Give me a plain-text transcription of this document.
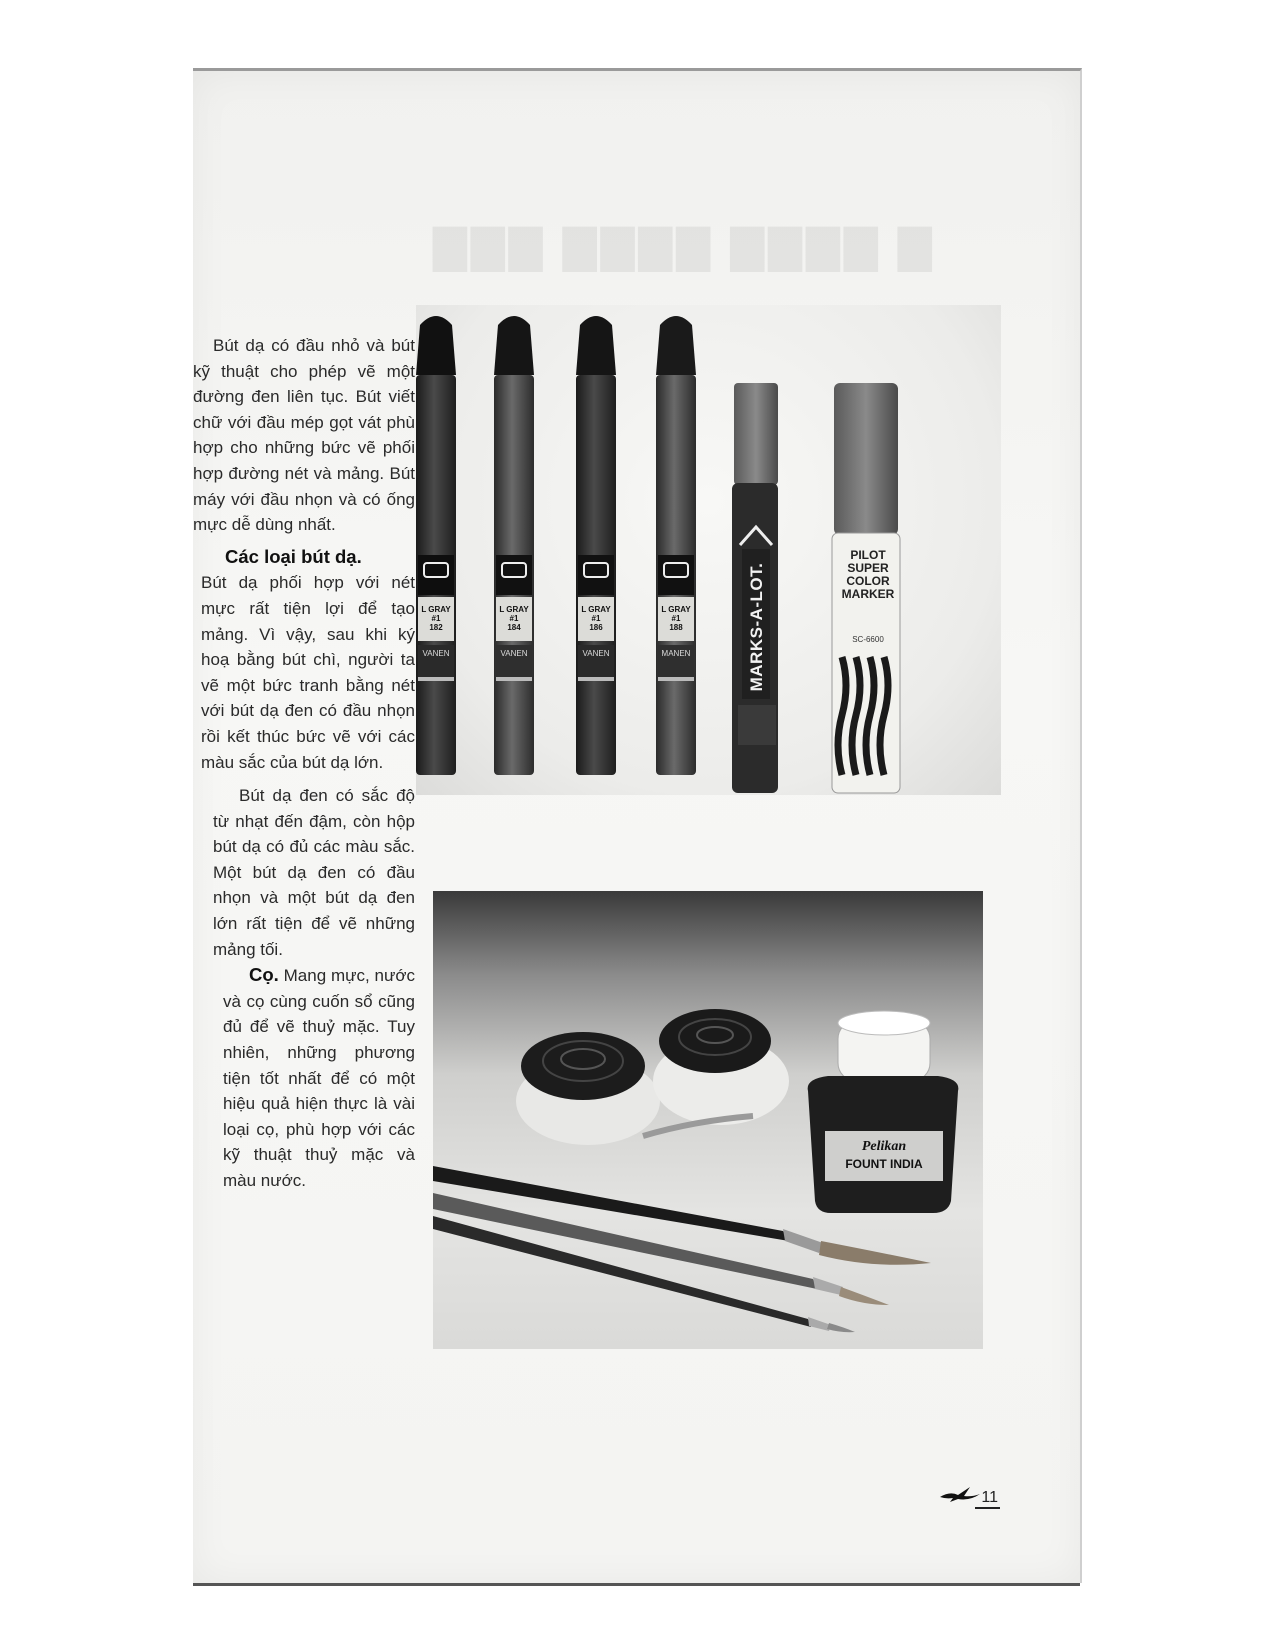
▇▇▇ ▇▇▇▇ ▇▇▇▇ ▇

Bút dạ có đầu nhỏ và bút kỹ thuật cho phép vẽ một đường đen liên tục. Bút viết chữ với đầu mép gọt vát phù hợp cho những bức vẽ phối hợp đường nét và mảng. Bút máy với đầu nhọn và có ống mực dễ dùng nhất.

Các loại bút dạ.
Bút dạ phối hợp với nét mực rất tiện lợi để tạo mảng. Vì vậy, sau khi ký hoạ bằng bút chì, người ta vẽ một bức tranh bằng nét với bút dạ đen có đầu nhọn rồi kết thúc bức vẽ với các màu sắc của bút dạ lớn.

Bút dạ đen có sắc độ từ nhạt đến đậm, còn hộp bút dạ có đủ các màu sắc. Một bút dạ đen có đầu nhọn và một bút dạ đen lớn rất tiện để vẽ những mảng tối.

Cọ. Mang mực, nước và cọ cùng cuốn sổ cũng đủ để vẽ thuỷ mặc. Tuy nhiên, những phương tiện tốt nhất để có một hiệu quả hiện thực là vài loại cọ, phù hợp với các kỹ thuật thuỷ mặc và màu nước.

L GRAY #1
182
L GRAY #1
184
L GRAY #1
186
L GRAY #1
188
VANEN	VANEN	VANEN	MANEN	MARKS-A-LOT.
PILOT
SUPER
COLOR
MARKER
SC-6600
Pelikan
FOUNT INDIA
11
